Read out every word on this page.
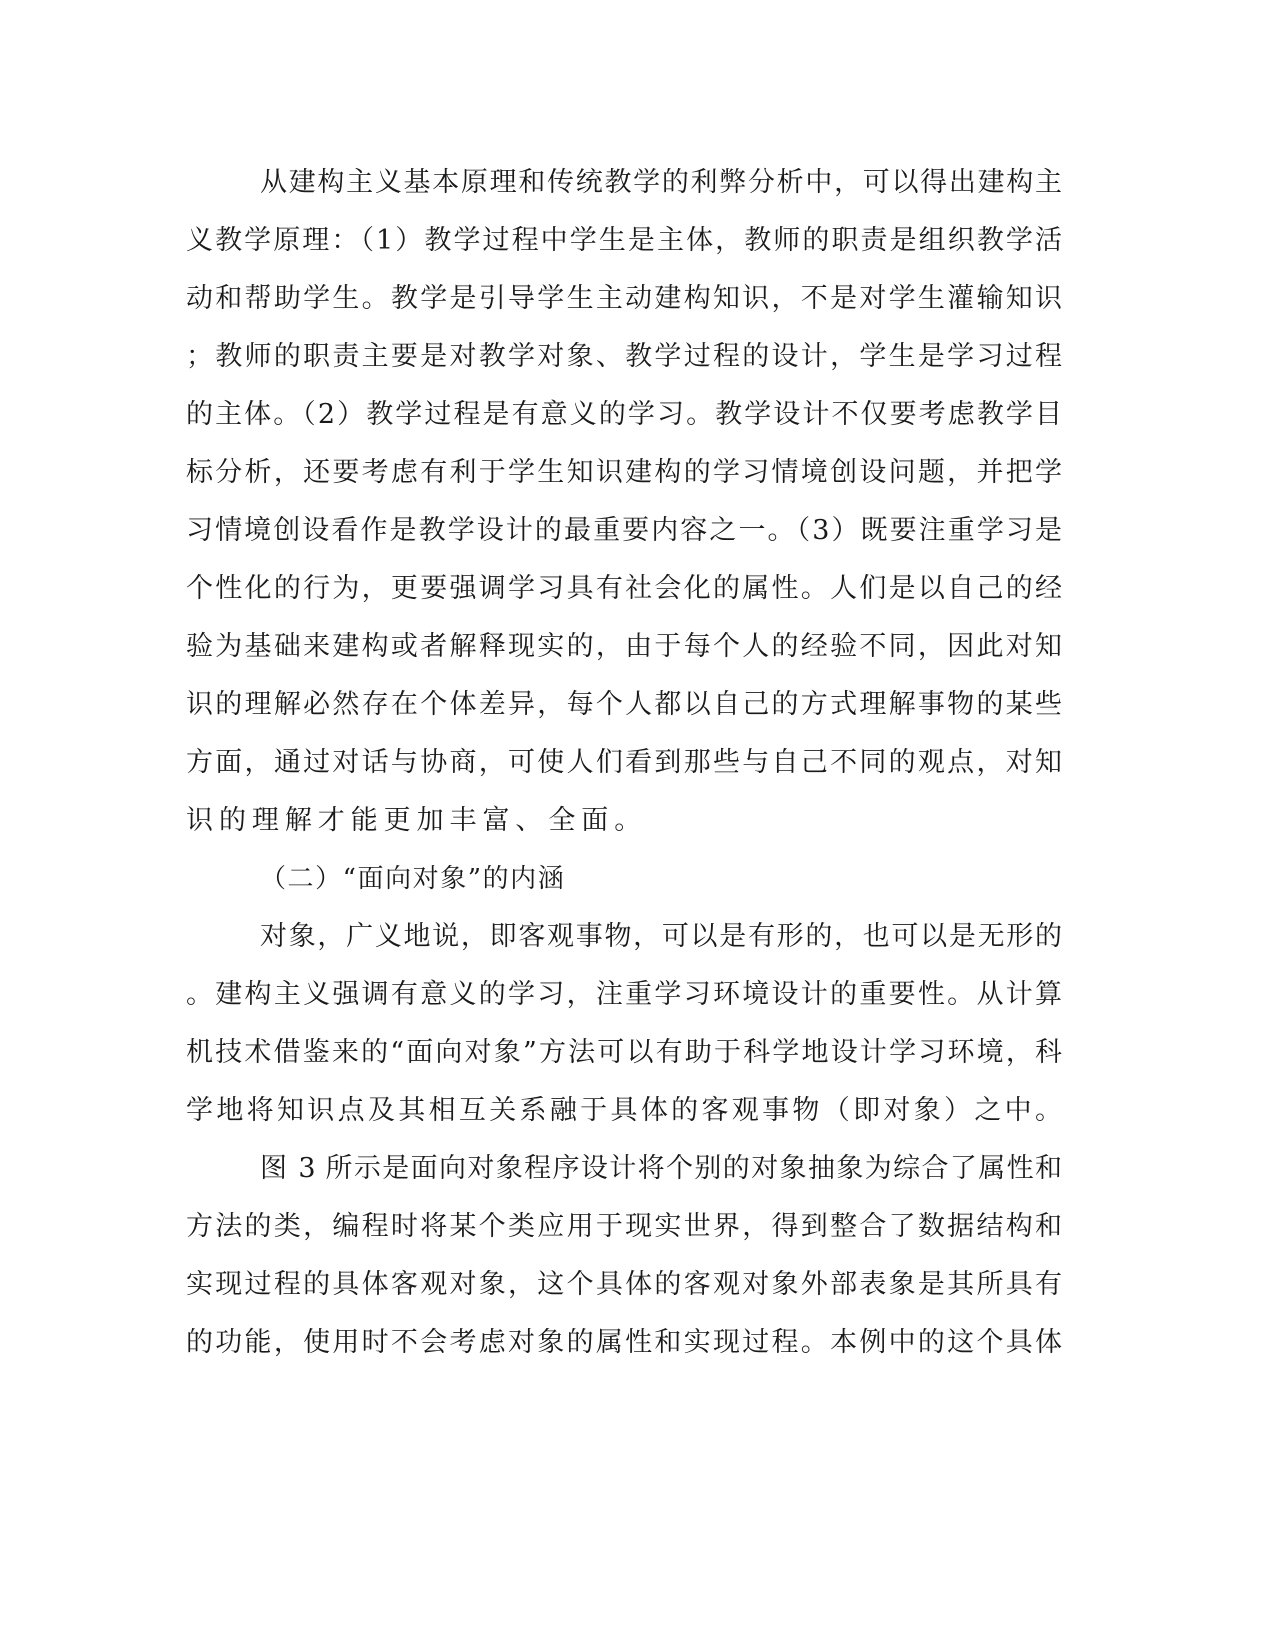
从建构主义基本原理和传统教学的利弊分析中，可以得出建构主
义教学原理：（1）教学过程中学生是主体，教师的职责是组织教学活
动和帮助学生。教学是引导学生主动建构知识，不是对学生灌输知识
；教师的职责主要是对教学对象、教学过程的设计，学生是学习过程
的主体。（2）教学过程是有意义的学习。教学设计不仅要考虑教学目
标分析，还要考虑有利于学生知识建构的学习情境创设问题，并把学
习情境创设看作是教学设计的最重要内容之一。（3）既要注重学习是
个性化的行为，更要强调学习具有社会化的属性。人们是以自己的经
验为基础来建构或者解释现实的，由于每个人的经验不同，因此对知
识的理解必然存在个体差异，每个人都以自己的方式理解事物的某些
方面，通过对话与协商，可使人们看到那些与自己不同的观点，对知
识的理解才能更加丰富、全面。
（二）“面向对象”的内涵
对象，广义地说，即客观事物，可以是有形的，也可以是无形的
。建构主义强调有意义的学习，注重学习环境设计的重要性。从计算
机技术借鉴来的“面向对象”方法可以有助于科学地设计学习环境，科
学地将知识点及其相互关系融于具体的客观事物（即对象）之中。
图 3 所示是面向对象程序设计将个别的对象抽象为综合了属性和
方法的类，编程时将某个类应用于现实世界，得到整合了数据结构和
实现过程的具体客观对象，这个具体的客观对象外部表象是其所具有
的功能，使用时不会考虑对象的属性和实现过程。本例中的这个具体
